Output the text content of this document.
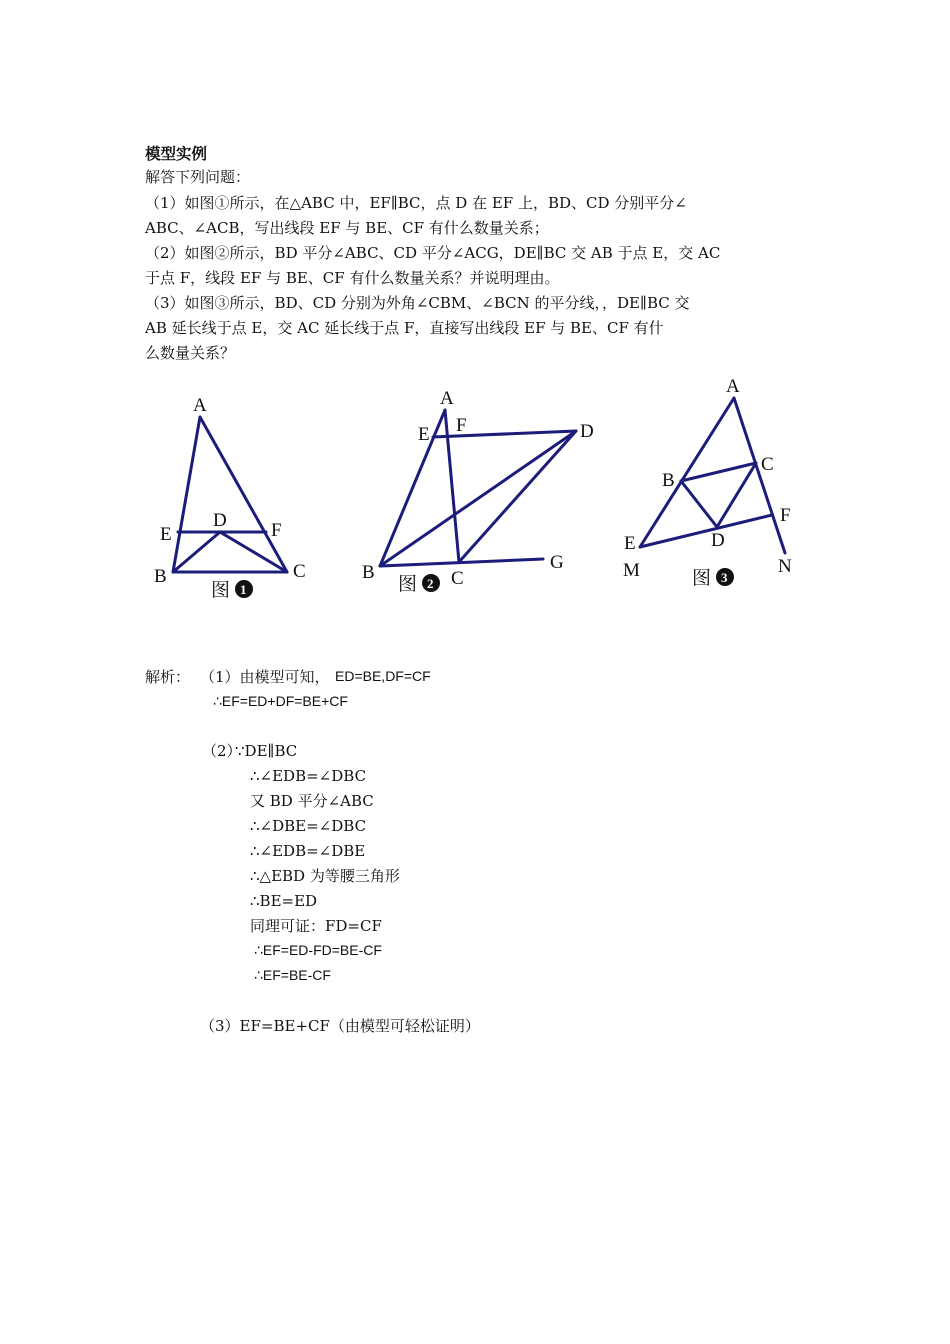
模型实例
解答下列问题：
（1）如图①所示，在△ABC 中，EF∥BC，点 D 在 EF 上，BD、CD 分别平分∠
ABC、∠ACB，写出线段 EF 与 BE、CF 有什么数量关系；
（2）如图②所示，BD 平分∠ABC、CD 平分∠ACG，DE∥BC 交 AB 于点 E，交 AC
于点 F，线段 EF 与 BE、CF 有什么数量关系？并说明理由。
（3）如图③所示，BD、CD 分别为外角∠CBM、∠BCN 的平分线，，DE∥BC 交
AB 延长线于点 E，交 AC 延长线于点 F，直接写出线段 EF 与 BE、CF 有什
么数量关系？
A
E
D F
B	C
图 1
A
E F	D
B	C
G
图 2
A
B
C
D
F
E
M	N
图 3
解析： （1）由模型可知， ED=BE,DF=CF
∴EF=ED+DF=BE+CF
（2）
∵DE∥BC
∴∠EDB=∠DBC
又 BD 平分∠ABC
∴∠DBE=∠DBC
∴∠EDB=∠DBE
∴△EBD 为等腰三角形
∴BE=ED
同理可证：FD=CF
∴EF=ED-FD=BE-CF
∴EF=BE-CF
（3）EF=BE+CF（由模型可轻松证明）
